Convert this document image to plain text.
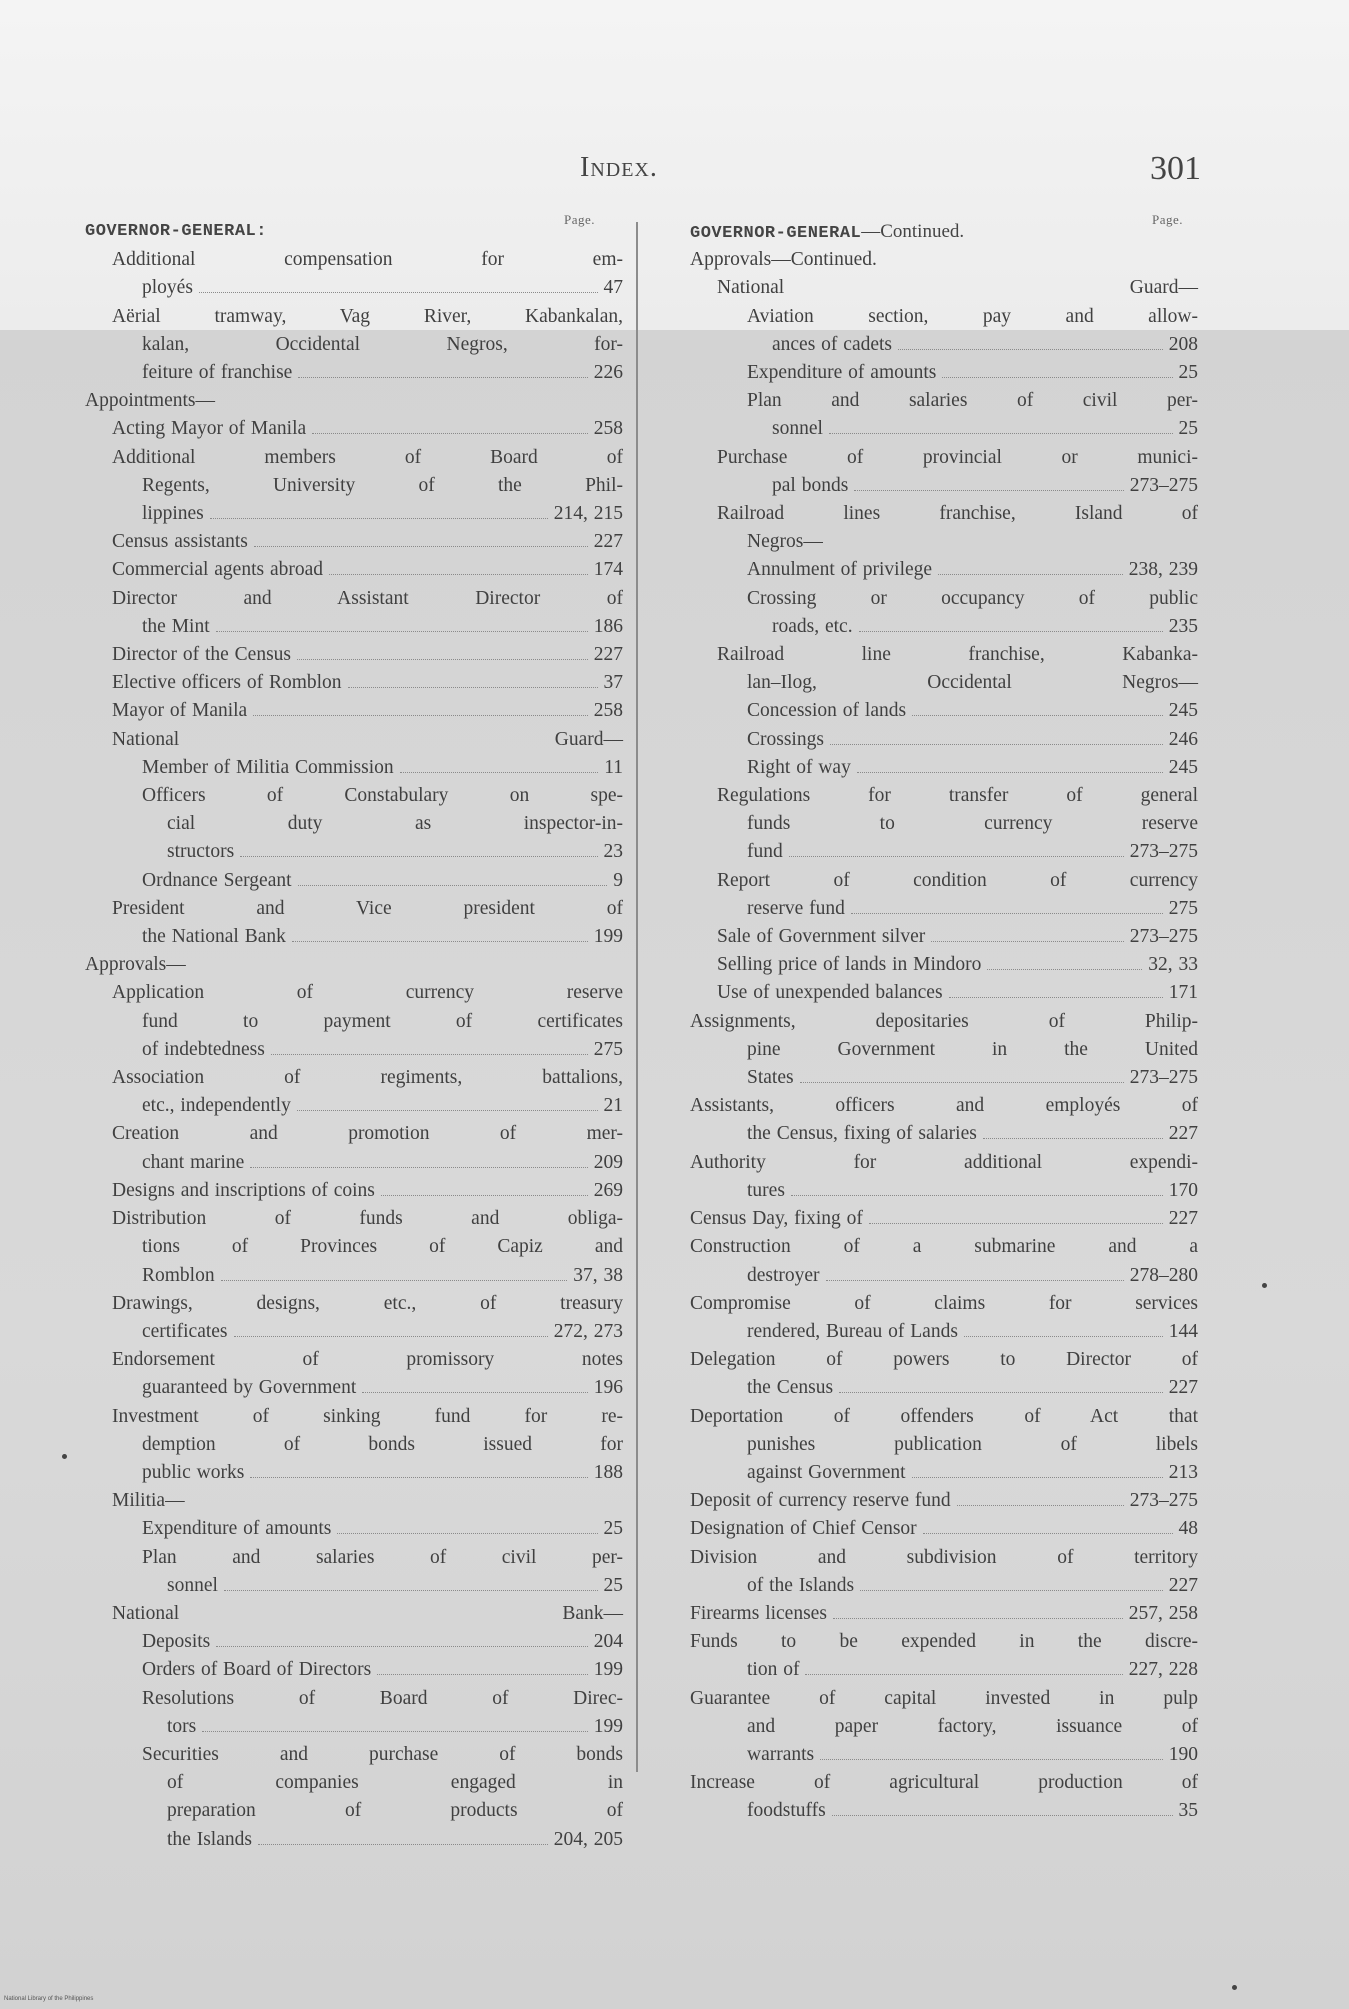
Index.	301
Page.	Page.
GOVERNOR-GENERAL:
Additional compensation for em-
ployés	47
Aërial tramway, Vag River, Kabankalan,
kalan, Occidental Negros, for-
feiture of franchise	226
Appointments—
Acting Mayor of Manila	258
Additional members of Board of
Regents, University of the Phil-
lippines	214, 215
Census assistants	227
Commercial agents abroad	174
Director and Assistant Director of
the Mint	186
Director of the Census	227
Elective officers of Romblon	37
Mayor of Manila	258
National Guard—
Member of Militia Commission	11
Officers of Constabulary on spe-
cial duty as inspector-in-
structors	23
Ordnance Sergeant	9
President and Vice president of
the National Bank	199
Approvals—
Application of currency reserve
fund to payment of certificates
of indebtedness	275
Association of regiments, battalions,
etc., independently	21
Creation and promotion of mer-
chant marine	209
Designs and inscriptions of coins	269
Distribution of funds and obliga-
tions of Provinces of Capiz and
Romblon	37, 38
Drawings, designs, etc., of treasury
certificates	272, 273
Endorsement of promissory notes
guaranteed by Government	196
Investment of sinking fund for re-
demption of bonds issued for
public works	188
Militia—
Expenditure of amounts	25
Plan and salaries of civil per-
sonnel	25
National Bank—
Deposits	204
Orders of Board of Directors	199
Resolutions of Board of Direc-
tors	199
Securities and purchase of bonds
of companies engaged in
preparation of products of
the Islands	204, 205
GOVERNOR-GENERAL—Continued.
Approvals—Continued.
National Guard—
Aviation section, pay and allow-
ances of cadets	208
Expenditure of amounts	25
Plan and salaries of civil per-
sonnel	25
Purchase of provincial or munici-
pal bonds	273–275
Railroad lines franchise, Island of
Negros—
Annulment of privilege	238, 239
Crossing or occupancy of public
roads, etc.	235
Railroad line franchise, Kabanka-
lan–Ilog, Occidental Negros—
Concession of lands	245
Crossings	246
Right of way	245
Regulations for transfer of general
funds to currency reserve
fund	273–275
Report of condition of currency
reserve fund	275
Sale of Government silver	273–275
Selling price of lands in Mindoro	32, 33
Use of unexpended balances	171
Assignments, depositaries of Philip-
pine Government in the United
States	273–275
Assistants, officers and employés of
the Census, fixing of salaries	227
Authority for additional expendi-
tures	170
Census Day, fixing of	227
Construction of a submarine and a
destroyer	278–280
Compromise of claims for services
rendered, Bureau of Lands	144
Delegation of powers to Director of
the Census	227
Deportation of offenders of Act that
punishes publication of libels
against Government	213
Deposit of currency reserve fund	273–275
Designation of Chief Censor	48
Division and subdivision of territory
of the Islands	227
Firearms licenses	257, 258
Funds to be expended in the discre-
tion of	227, 228
Guarantee of capital invested in pulp
and paper factory, issuance of
warrants	190
Increase of agricultural production of
foodstuffs	35
National Library of the Philippines
